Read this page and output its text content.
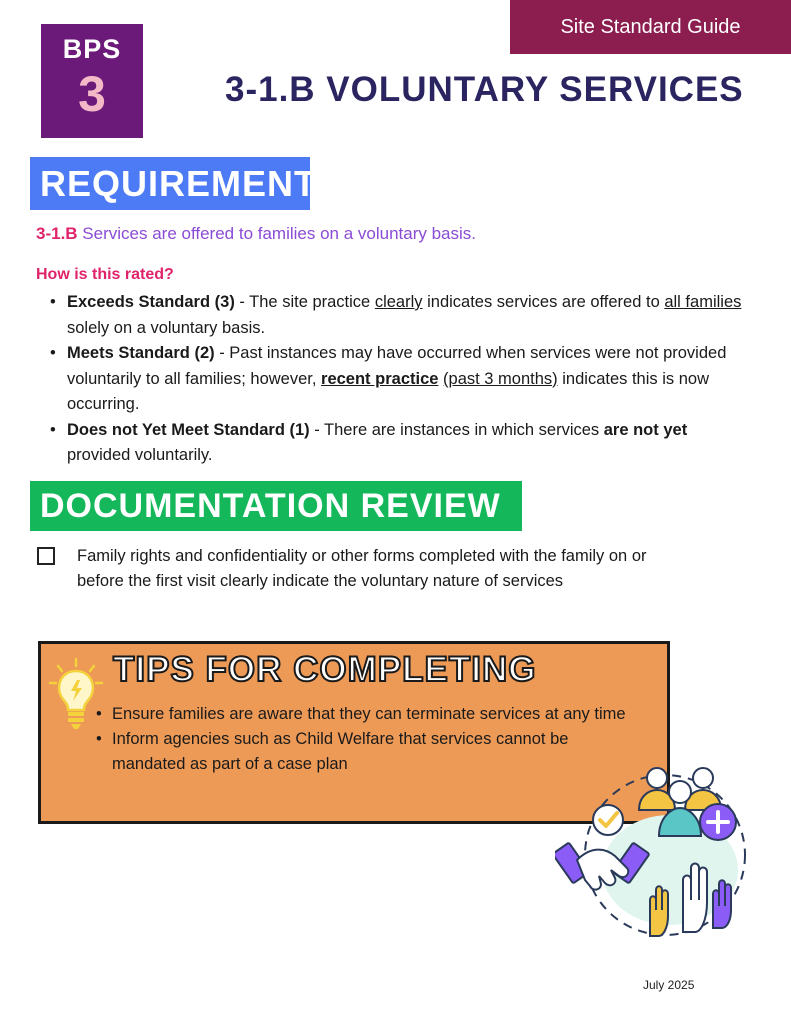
Site Standard Guide
BPS
3	3-1.B VOLUNTARY SERVICES
REQUIREMENT
3-1.B Services are offered to families on a voluntary basis.
How is this rated?
• Exceeds Standard (3) - The site practice clearly indicates services are offered to all families solely on a voluntary basis.
• Meets Standard (2) - Past instances may have occurred when services were not provided voluntarily to all families; however, recent practice (past 3 months) indicates this is now occurring.
• Does not Yet Meet Standard (1) - There are instances in which services are not yet provided voluntarily.
DOCUMENTATION REVIEW
Family rights and confidentiality or other forms completed with the family on or before the first visit clearly indicate the voluntary nature of services
TIPS FOR COMPLETING
• Ensure families are aware that they can terminate services at any time
• Inform agencies such as Child Welfare that services cannot be mandated as part of a case plan
July 2025
